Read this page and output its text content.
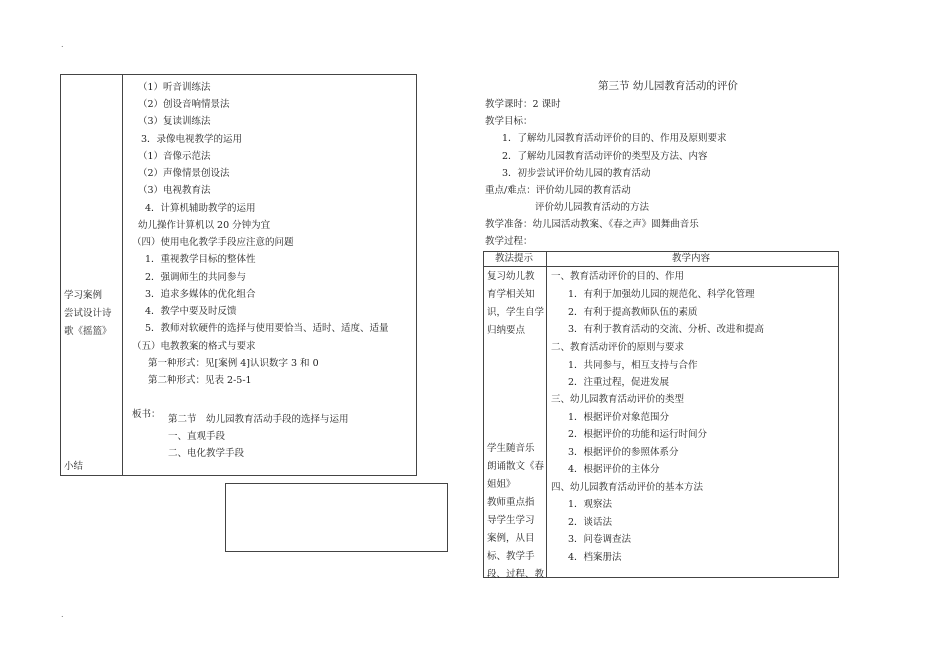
.
.
学习案例
尝试设计诗
歌《摇篮》
小结
（1）听音训练法
（2）创设音响情景法
（3）复读训练法
3．录像电视教学的运用
（1）音像示范法
（2）声像情景创设法
（3）电视教育法
4．计算机辅助教学的运用
幼儿操作计算机以 20 分钟为宜
（四）使用电化教学手段应注意的问题
1．重视教学目标的整体性
2．强调师生的共同参与
3．追求多媒体的优化组合
4．教学中要及时反馈
5．教师对软硬件的选择与使用要恰当、适时、适度、适量
（五）电教教案的格式与要求
第一种形式：见[案例 4]认识数字 3 和 0
第二种形式：见表 2-5-1
板书： 第二节　幼儿园教育活动手段的选择与运用
一、直观手段
二、电化教学手段
第三节 幼儿园教育活动的评价
教学课时：2 课时
教学目标：
1．了解幼儿园教育活动评价的目的、作用及原则要求
2．了解幼儿园教育活动评价的类型及方法、内容
3．初步尝试评价幼儿园的教育活动
重点/难点：评价幼儿园的教育活动
评价幼儿园教育活动的方法
教学准备：幼儿园活动教案、《春之声》圆舞曲音乐
教学过程：
教法提示	教学内容
复习幼儿教
育学相关知
识，学生自学
归纳要点
学生随音乐
朗诵散文《春
姐姐》
教师重点指
导学生学习
案例，从目
标、教学手
段、过程、教
一、教育活动评价的目的、作用
1．有利于加强幼儿园的规范化、科学化管理
2．有利于提高教师队伍的素质
3．有利于教育活动的交流、分析、改进和提高
二、教育活动评价的原则与要求
1．共同参与，相互支持与合作
2．注重过程，促进发展
三、幼儿园教育活动评价的类型
1．根据评价对象范围分
2．根据评价的功能和运行时间分
3．根据评价的参照体系分
4．根据评价的主体分
四、幼儿园教育活动评价的基本方法
1．观察法
2．谈话法
3．问卷调查法
4．档案册法
